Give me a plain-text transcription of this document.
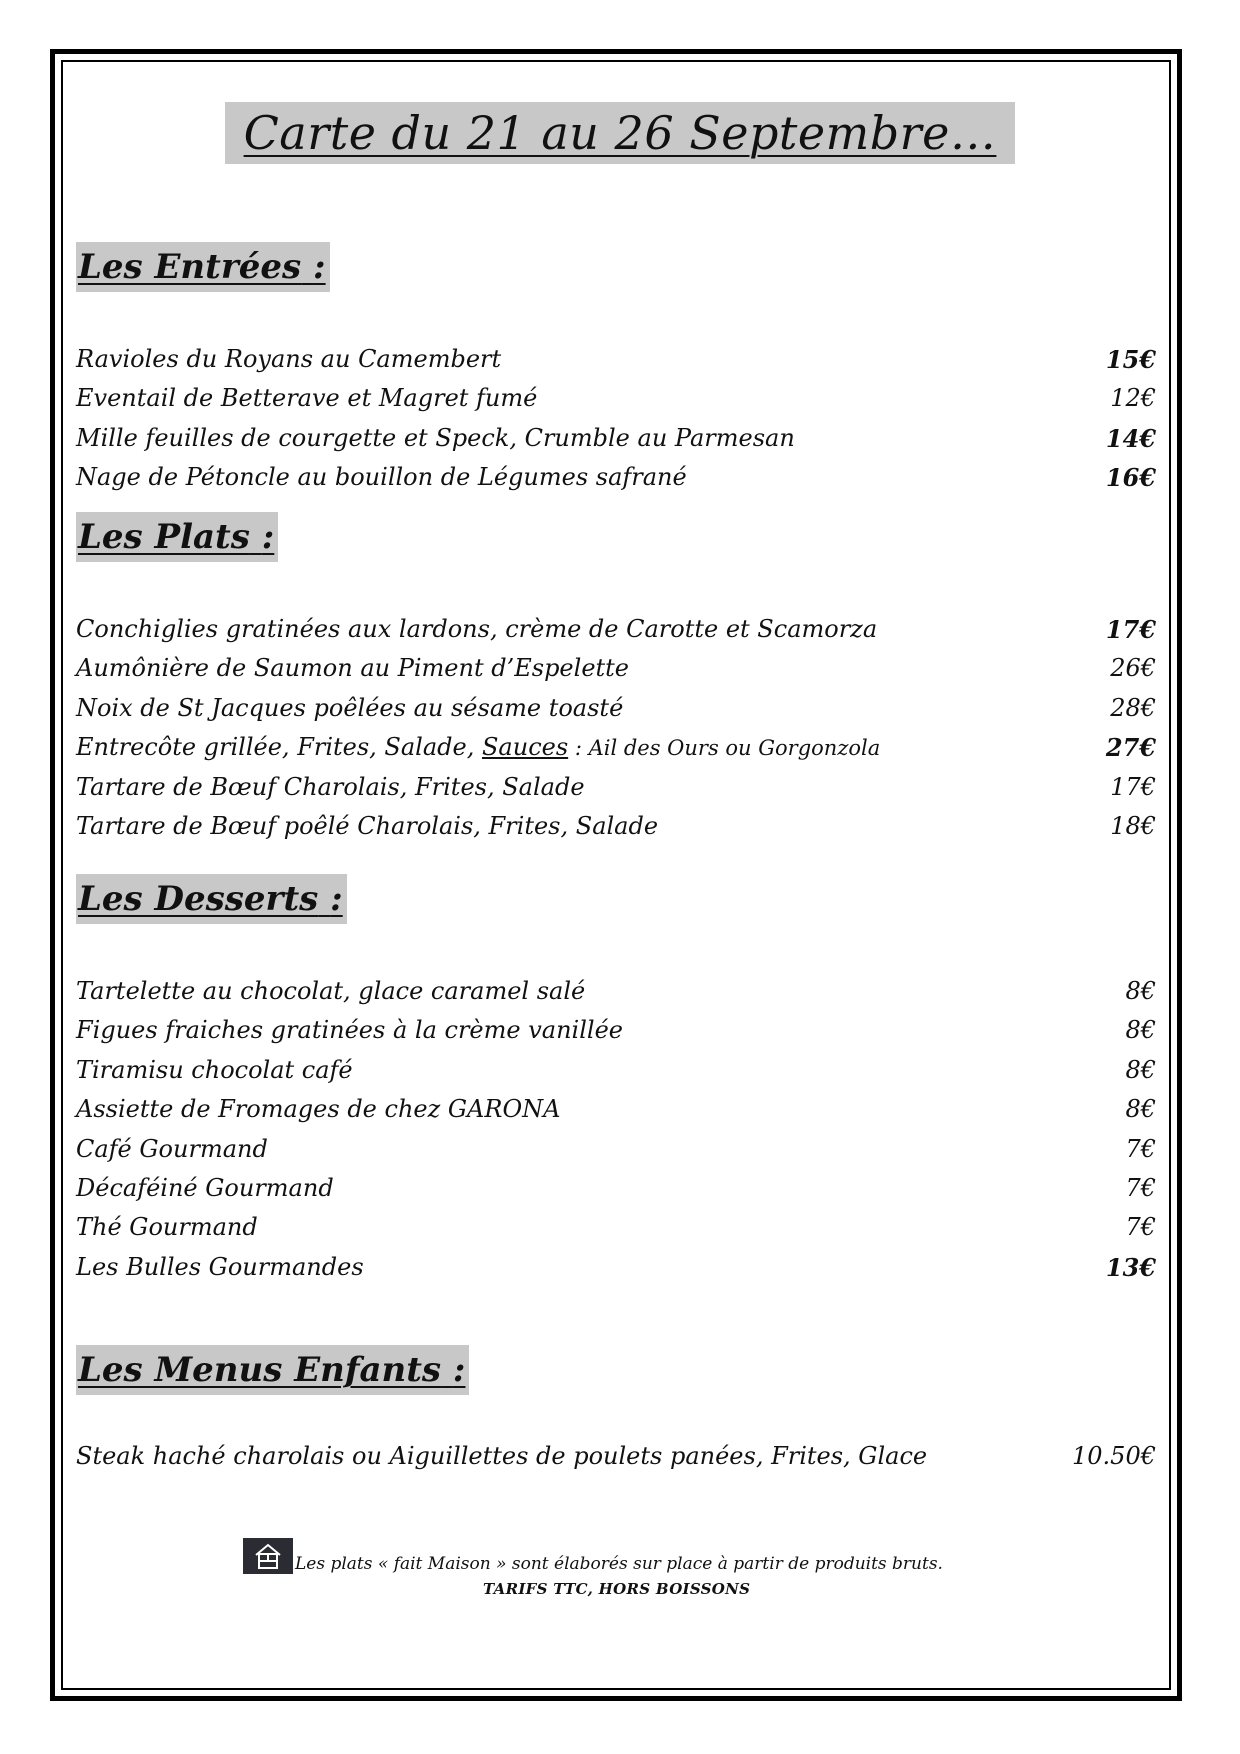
Carte du 21 au 26 Septembre…
Les Entrées :
Ravioles du Royans au Camembert	15€
Eventail de Betterave et Magret fumé	12€
Mille feuilles de courgette et Speck, Crumble au Parmesan	14€
Nage de Pétoncle au bouillon de Légumes safrané	16€
Les Plats :
Conchiglies gratinées aux lardons, crème de Carotte et Scamorza	17€
Aumônière de Saumon au Piment d’Espelette	26€
Noix de St Jacques poêlées au sésame toasté	28€
Entrecôte grillée, Frites, Salade, Sauces : Ail des Ours ou Gorgonzola	27€
Tartare de Bœuf Charolais, Frites, Salade	17€
Tartare de Bœuf poêlé Charolais, Frites, Salade	18€
Les Desserts :
Tartelette au chocolat, glace caramel salé	8€
Figues fraiches gratinées à la crème vanillée	8€
Tiramisu chocolat café	8€
Assiette de Fromages de chez GARONA	8€
Café Gourmand	7€
Décaféiné Gourmand	7€
Thé Gourmand	7€
Les Bulles Gourmandes	13€
Les Menus Enfants :
Steak haché charolais ou Aiguillettes de poulets panées, Frites, Glace	10.50€
Les plats « fait Maison » sont élaborés sur place à partir de produits bruts.
TARIFS TTC, HORS BOISSONS
